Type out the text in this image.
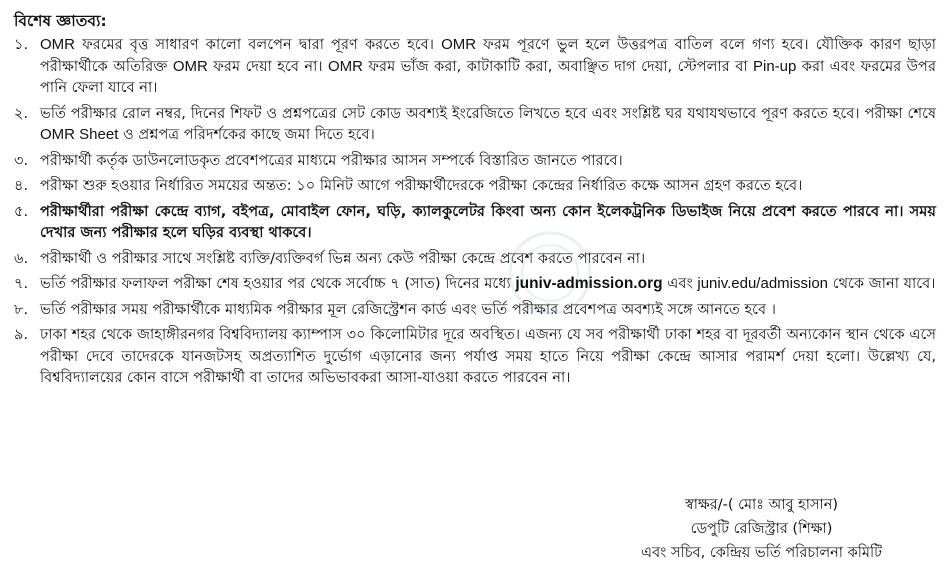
বিশেষ জ্ঞাতব্য:
১. OMR ফরমের বৃত্ত সাধারণ কালো বলপেন দ্বারা পূরণ করতে হবে। OMR ফরম পূরণে ভুল হলে উত্তরপত্র বাতিল বলে গণ্য হবে। যৌক্তিক কারণ ছাড়া পরীক্ষার্থীকে অতিরিক্ত OMR ফরম দেয়া হবে না। OMR ফরম ভাঁজ করা, কাটাকাটি করা, অবাঞ্ছিত দাগ দেয়া, স্টেপলার বা Pin-up করা এবং ফরমের উপর পানি ফেলা যাবে না।
২. ভর্তি পরীক্ষার রোল নম্বর, দিনের শিফট ও প্রশ্নপত্রের সেট কোড অবশ্যই ইংরেজিতে লিখতে হবে এবং সংশ্লিষ্ট ঘর যথাযথভাবে পূরণ করতে হবে। পরীক্ষা শেষে OMR Sheet ও প্রশ্নপত্র পরিদর্শকের কাছে জমা দিতে হবে।
৩. পরীক্ষার্থী কর্তৃক ডাউনলোডকৃত প্রবেশপত্রের মাধ্যমে পরীক্ষার আসন সম্পর্কে বিস্তারিত জানতে পারবে।
৪. পরীক্ষা শুরু হওয়ার নির্ধারিত সময়ের অন্তত: ১০ মিনিট আগে পরীক্ষার্থীদেরকে পরীক্ষা কেন্দ্রের নির্ধারিত কক্ষে আসন গ্রহণ করতে হবে।
৫. পরীক্ষার্থীরা পরীক্ষা কেন্দ্রে ব্যাগ, বইপত্র, মোবাইল ফোন, ঘড়ি, ক্যালকুলেটর কিংবা অন্য কোন ইলেকট্রনিক ডিভাইজ নিয়ে প্রবেশ করতে পারবে না। সময় দেখার জন্য পরীক্ষার হলে ঘড়ির ব্যবস্থা থাকবে।
৬. পরীক্ষার্থী ও পরীক্ষার সাথে সংশ্লিষ্ট ব্যক্তি/ব্যক্তিবর্গ ভিন্ন অন্য কেউ পরীক্ষা কেন্দ্রে প্রবেশ করতে পারবেন না।
৭. ভর্তি পরীক্ষার ফলাফল পরীক্ষা শেষ হওয়ার পর থেকে সর্বোচ্চ ৭ (সাত) দিনের মধ্যে juniv-admission.org এবং juniv.edu/admission থেকে জানা যাবে।
৮. ভর্তি পরীক্ষার সময় পরীক্ষার্থীকে মাধ্যমিক পরীক্ষার মূল রেজিস্ট্রেশন কার্ড এবং ভর্তি পরীক্ষার প্রবেশপত্র অবশ্যই সঙ্গে আনতে হবে ।
৯. ঢাকা শহর থেকে জাহাঙ্গীরনগর বিশ্ববিদ্যালয় ক্যাম্পাস ৩০ কিলোমিটার দূরে অবস্থিত। এজন্য যে সব পরীক্ষার্থী ঢাকা শহর বা দূরবর্তী অন্যকোন স্থান থেকে এসে পরীক্ষা দেবে তাদেরকে যানজটসহ অপ্রত্যাশিত দুর্ভোগ এড়ানোর জন্য পর্যাপ্ত সময় হাতে নিয়ে পরীক্ষা কেন্দ্রে আসার পরামর্শ দেয়া হলো। উল্লেখ্য যে, বিশ্ববিদ্যালয়ের কোন বাসে পরীক্ষার্থী বা তাদের অভিভাবকরা আসা-যাওয়া করতে পারবেন না।
স্বাক্ষর/-( মোঃ আবু হাসান)
ডেপুটি রেজিস্ট্রার (শিক্ষা)
এবং সচিব, কেন্দ্রিয় ভর্তি পরিচালনা কমিটি
